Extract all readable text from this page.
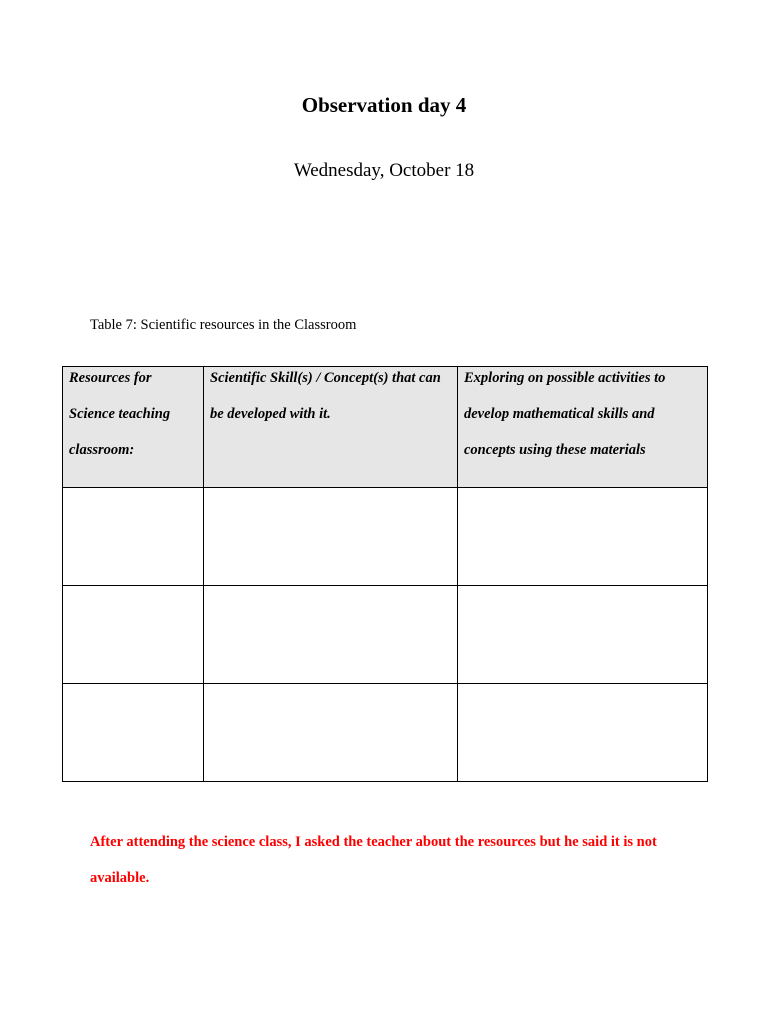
Observation day 4
Wednesday, October 18
Table 7: Scientific resources in the Classroom
Resources for Science teaching classroom:	Scientific Skill(s) / Concept(s) that can be developed with it.	Exploring on possible activities to develop mathematical skills and concepts using these materials

After attending the science class, I asked the teacher about the resources but he said it is not available.
